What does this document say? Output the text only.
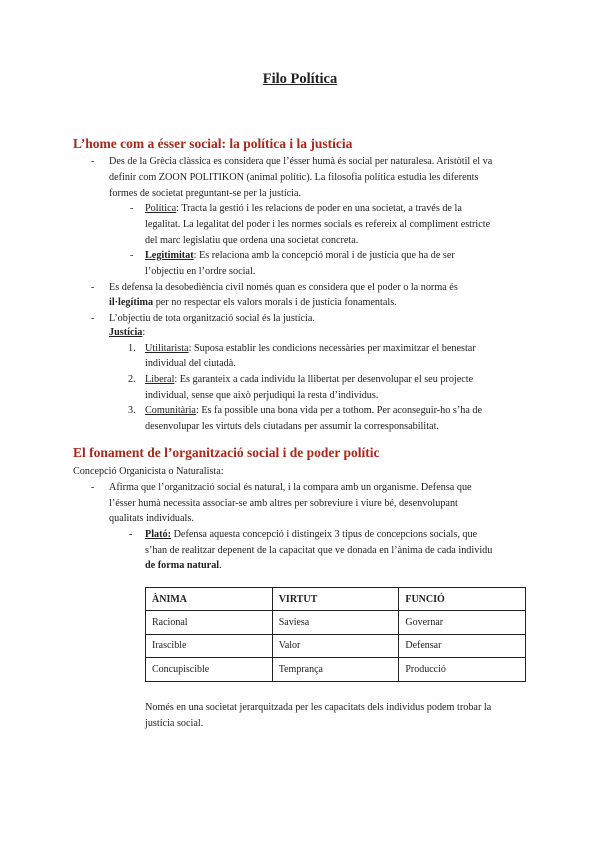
Filo Política
L’home com a ésser social: la política i la justícia
- Des de la Grècia clàssica es considera que l’ésser humà és social per naturalesa. Aristòtil el va
definir com ZOON POLITIKON (animal polític). La filosofia política estudia les diferents
formes de societat preguntant-se per la justícia.
- Política: Tracta la gestió i les relacions de poder en una societat, a través de la
legalitat. La legalitat del poder i les normes socials es refereix al compliment estricte
del marc legislatiu que ordena una societat concreta.
- Legitimitat: Es relaciona amb la concepció moral i de justícia que ha de ser
l’objectiu en l’ordre social.
- Es defensa la desobediència civil només quan es considera que el poder o la norma és
il·legítima per no respectar els valors morals i de justícia fonamentals.
- L’objectiu de tota organització social és la justícia.
Justícia:
1. Utilitarista: Suposa establir les condicions necessàries per maximitzar el benestar
individual del ciutadà.
2. Liberal: Es garanteix a cada individu la llibertat per desenvolupar el seu projecte
individual, sense que això perjudiqui la resta d’individus.
3. Comunitària: Es fa possible una bona vida per a tothom. Per aconseguir-ho s’ha de
desenvolupar les virtuts dels ciutadans per assumir la corresponsabilitat.
El fonament de l’organització social i de poder polític
Concepció Organicista o Naturalista:
- Afirma que l’organització social és natural, i la compara amb un organisme. Defensa que
l’ésser humà necessita associar-se amb altres per sobreviure i viure bé, desenvolupant
qualitats individuals.
- Plató: Defensa aquesta concepció i distingeix 3 tipus de concepcions socials, que
s’han de realitzar depenent de la capacitat que ve donada en l’ànima de cada individu
de forma natural.
ÀNIMA	VIRTUT	FUNCIÓ
Racional	Saviesa	Governar
Irascible	Valor	Defensar
Concupiscible	Temprança	Producció
Només en una societat jerarquitzada per les capacitats dels individus podem trobar la
justícia social.
